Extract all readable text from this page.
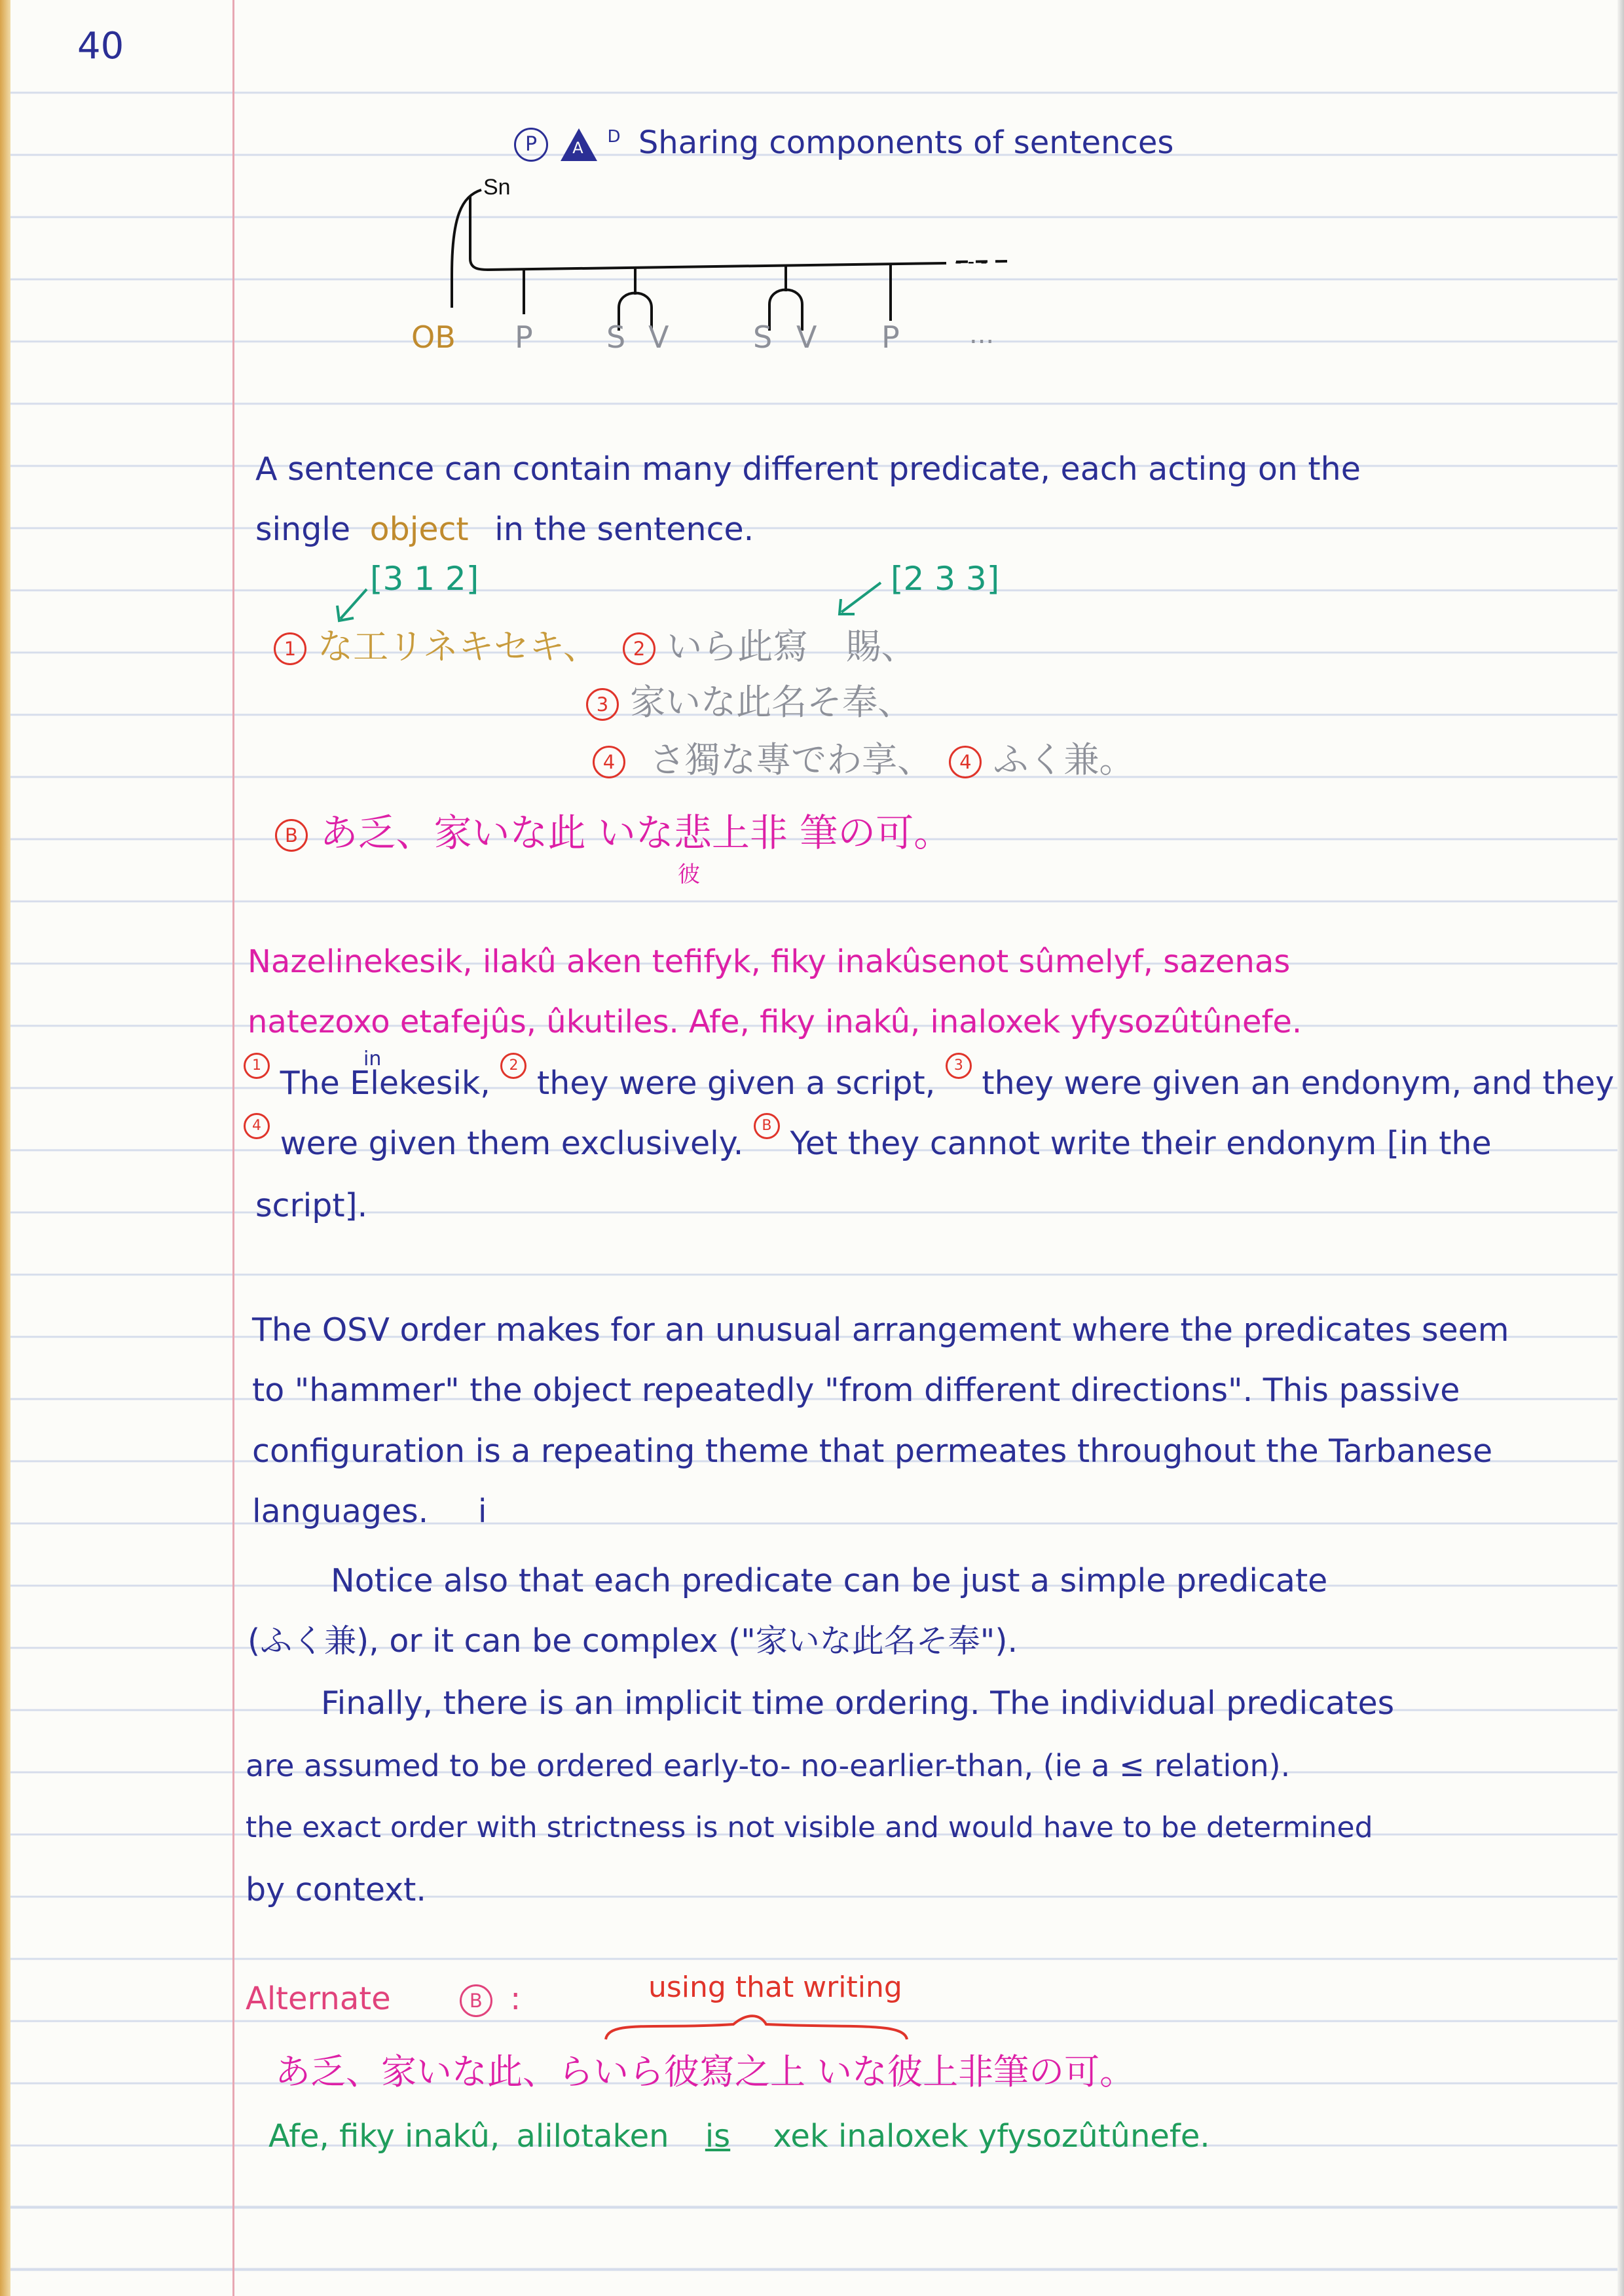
40
P A
$^D$ Sharing components of sentences
Sn
- - -
OB P S V	S V P	...
A sentence can contain many different predicate, each acting on the
single object in the sentence.
[3 1 2]	[2 3 3]
1 な工リネキセキ、 2 いら此寫 賜、
3 家いな此名そ奉、
4 さ獨な專でわ享、 4 ふく兼。
B あ乏、家いな此 いな悲上非 筆の可。
彼
Nazelinekesik, ilakû aken tefifyk, fiky inakûsenot sûmelyf, sazenas
natezoxo etafejûs, ûkutiles. Afe, fiky inakû, inaloxek yfysozûtûnefe.
in
1 The Elekesik, 2 they were given a script, 3 they were given an endonym, and they
4 were given them exclusively. B Yet they cannot write their endonym [in the
script].
The OSV order makes for an unusual arrangement where the predicates seem
to "hammer" the object repeatedly "from different directions". This passive
configuration is a repeating theme that permeates throughout the Tarbanese
languages. i
Notice also that each predicate can be just a simple predicate
(ふく兼), or it can be complex ("家いな此名そ奉").
Finally, there is an implicit time ordering. The individual predicates
are assumed to be ordered early-to- no-earlier-than, (ie a ≤ relation).
the exact order with strictness is not visible and would have to be determined
by context.
Alternate	B :	using that writing
あ乏、家いな此、らいら彼寫之上 いな彼上非筆の可。
Afe, fiky inakû, alilotaken is xek inaloxek yfysozûtûnefe.
